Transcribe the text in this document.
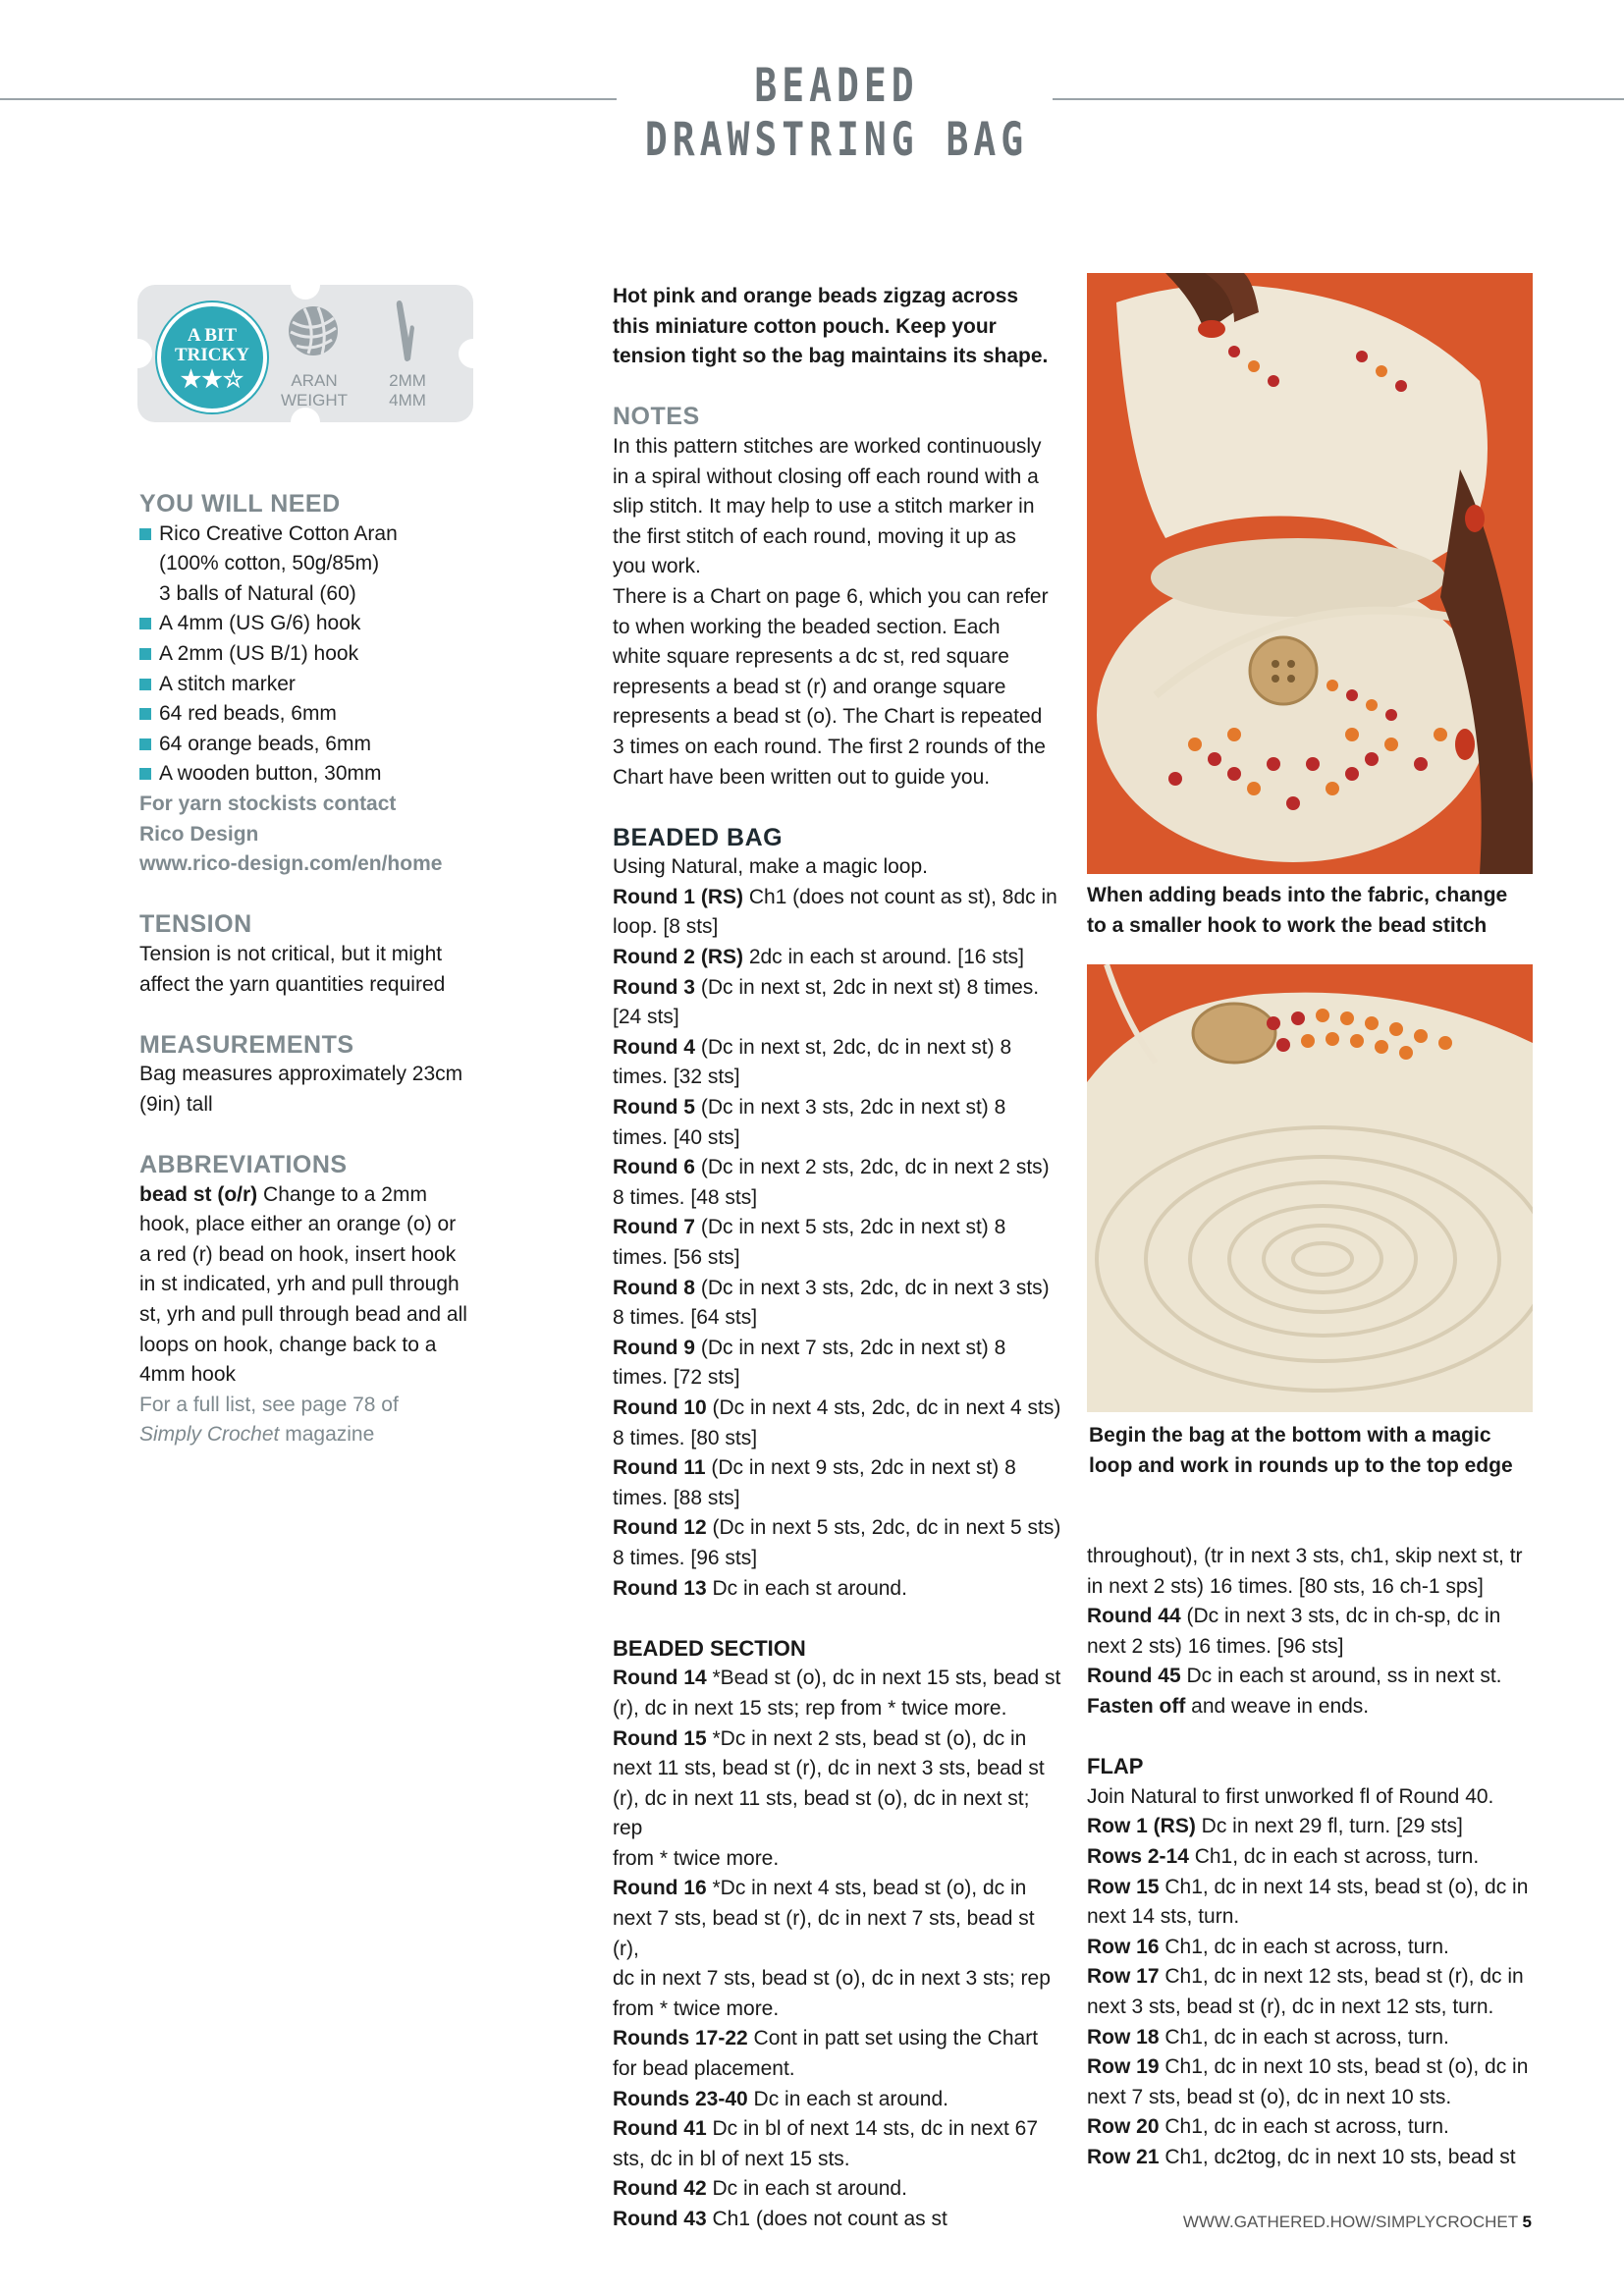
BEADED DRAWSTRING BAG
A BIT
TRICKY
★★☆	ARAN
WEIGHT
2MM
4MM
YOU WILL NEED
Rico Creative Cotton Aran
(100% cotton, 50g/85m)
3 balls of Natural (60)
A 4mm (US G/6) hook
A 2mm (US B/1) hook
A stitch marker
64 red beads, 6mm
64 orange beads, 6mm
A wooden button, 30mm
For yarn stockists contact
Rico Design
www.rico-design.com/en/home
TENSION
Tension is not critical, but it might
affect the yarn quantities required
MEASUREMENTS
Bag measures approximately 23cm
(9in) tall
ABBREVIATIONS
bead st (o/r) Change to a 2mm
hook, place either an orange (o) or
a red (r) bead on hook, insert hook
in st indicated, yrh and pull through
st, yrh and pull through bead and all
loops on hook, change back to a
4mm hook
For a full list, see page 78 of
Simply Crochet magazine
Hot pink and orange beads zigzag across
this miniature cotton pouch. Keep your
tension tight so the bag maintains its shape.
NOTES
In this pattern stitches are worked continuously
in a spiral without closing off each round with a
slip stitch. It may help to use a stitch marker in
the first stitch of each round, moving it up as
you work.
There is a Chart on page 6, which you can refer
to when working the beaded section. Each
white square represents a dc st, red square
represents a bead st (r) and orange square
represents a bead st (o). The Chart is repeated
3 times on each round. The first 2 rounds of the
Chart have been written out to guide you.
BEADED BAG
Using Natural, make a magic loop.
Round 1 (RS) Ch1 (does not count as st), 8dc in
loop. [8 sts]
Round 2 (RS) 2dc in each st around. [16 sts]
Round 3 (Dc in next st, 2dc in next st) 8 times.
[24 sts]
Round 4 (Dc in next st, 2dc, dc in next st) 8
times. [32 sts]
Round 5 (Dc in next 3 sts, 2dc in next st) 8
times. [40 sts]
Round 6 (Dc in next 2 sts, 2dc, dc in next 2 sts)
8 times. [48 sts]
Round 7 (Dc in next 5 sts, 2dc in next st) 8
times. [56 sts]
Round 8 (Dc in next 3 sts, 2dc, dc in next 3 sts)
8 times. [64 sts]
Round 9 (Dc in next 7 sts, 2dc in next st) 8
times. [72 sts]
Round 10 (Dc in next 4 sts, 2dc, dc in next 4 sts)
8 times. [80 sts]
Round 11 (Dc in next 9 sts, 2dc in next st) 8
times. [88 sts]
Round 12 (Dc in next 5 sts, 2dc, dc in next 5 sts)
8 times. [96 sts]
Round 13 Dc in each st around.
BEADED SECTION
Round 14 *Bead st (o), dc in next 15 sts, bead st
(r), dc in next 15 sts; rep from * twice more.
Round 15 *Dc in next 2 sts, bead st (o), dc in
next 11 sts, bead st (r), dc in next 3 sts, bead st
(r), dc in next 11 sts, bead st (o), dc in next st; rep
from * twice more.
Round 16 *Dc in next 4 sts, bead st (o), dc in
next 7 sts, bead st (r), dc in next 7 sts, bead st (r),
dc in next 7 sts, bead st (o), dc in next 3 sts; rep
from * twice more.
Rounds 17-22 Cont in patt set using the Chart
for bead placement.
Rounds 23-40 Dc in each st around.
Round 41 Dc in bl of next 14 sts, dc in next 67
sts, dc in bl of next 15 sts.
Round 42 Dc in each st around.
Round 43 Ch1 (does not count as st
When adding beads into the fabric, change
to a smaller hook to work the bead stitch
Begin the bag at the bottom with a magic
loop and work in rounds up to the top edge
throughout), (tr in next 3 sts, ch1, skip next st, tr
in next 2 sts) 16 times. [80 sts, 16 ch-1 sps]
Round 44 (Dc in next 3 sts, dc in ch-sp, dc in
next 2 sts) 16 times. [96 sts]
Round 45 Dc in each st around, ss in next st.
Fasten off and weave in ends.
FLAP
Join Natural to first unworked fl of Round 40.
Row 1 (RS) Dc in next 29 fl, turn. [29 sts]
Rows 2-14 Ch1, dc in each st across, turn.
Row 15 Ch1, dc in next 14 sts, bead st (o), dc in
next 14 sts, turn.
Row 16 Ch1, dc in each st across, turn.
Row 17 Ch1, dc in next 12 sts, bead st (r), dc in
next 3 sts, bead st (r), dc in next 12 sts, turn.
Row 18 Ch1, dc in each st across, turn.
Row 19 Ch1, dc in next 10 sts, bead st (o), dc in
next 7 sts, bead st (o), dc in next 10 sts.
Row 20 Ch1, dc in each st across, turn.
Row 21 Ch1, dc2tog, dc in next 10 sts, bead st
WWW.GATHERED.HOW/SIMPLYCROCHET 5
